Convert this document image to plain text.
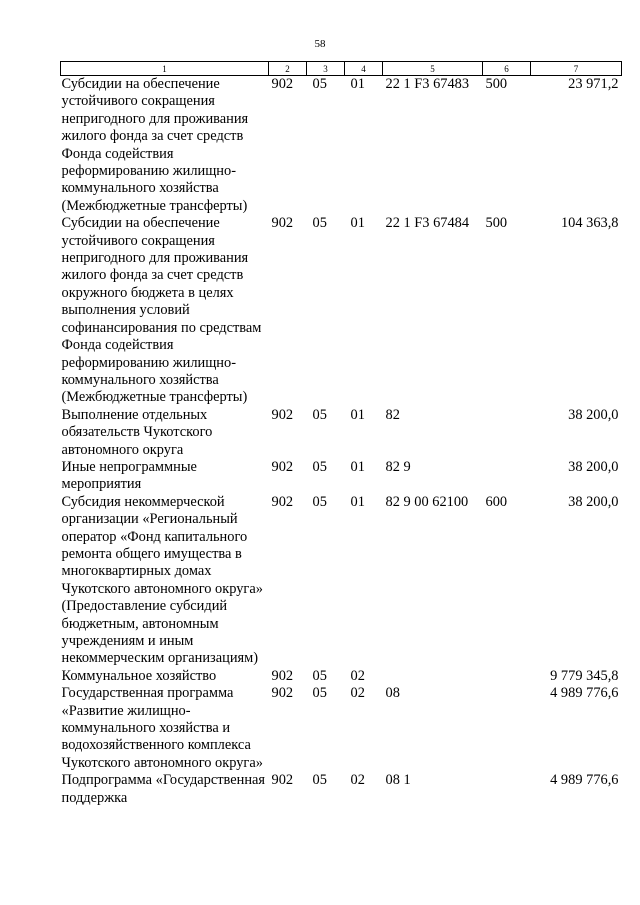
58
1	2	3	4	5	6	7
Субсидии на обеспечение устойчивого сокращения непригодного для проживания жилого фонда за счет средств Фонда содействия реформированию жилищно-коммунального хозяйства (Межбюджетные трансферты)	902	05	01	22 1 F3 67483	500	23 971,2
Субсидии на обеспечение устойчивого сокращения непригодного для проживания жилого фонда за счет средств окружного бюджета в целях выполнения условий софинансирования по средствам Фонда содействия реформированию жилищно-коммунального хозяйства (Межбюджетные трансферты)	902	05	01	22 1 F3 67484	500	104 363,8
Выполнение отдельных обязательств Чукотского автономного округа	902	05	01	82		38 200,0
Иные непрограммные мероприятия	902	05	01	82 9		38 200,0
Субсидия некоммерческой организации «Региональный оператор «Фонд капитального ремонта общего имущества в многоквартирных домах Чукотского автономного округа» (Предоставление субсидий бюджетным, автономным учреждениям и иным некоммерческим организациям)	902	05	01	82 9 00 62100	600	38 200,0
Коммунальное хозяйство	902	05	02			9 779 345,8
Государственная программа «Развитие жилищно-коммунального хозяйства и водохозяйственного комплекса Чукотского автономного округа»	902	05	02	08		4 989 776,6
Подпрограмма «Государственная поддержка	902	05	02	08 1		4 989 776,6
